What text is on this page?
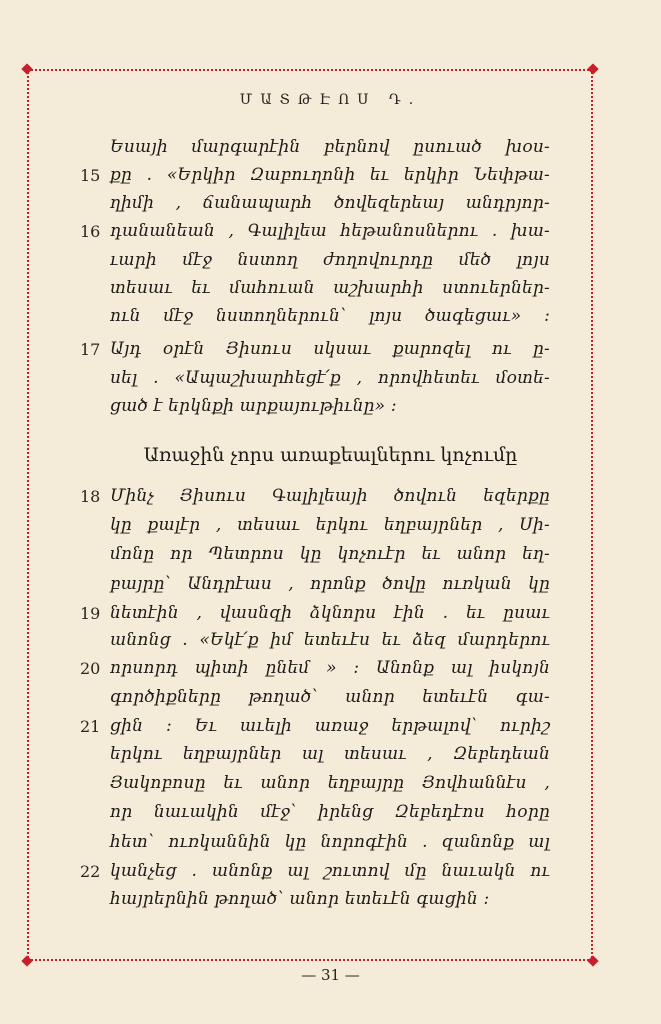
ՄԱՏԹԷՈՍ Դ.
15
16
17
18
19
20
21
22
Եսայի մարգարէին բերնով ըսուած խօս-
քը . «Երկիր Զաբուղոնի եւ երկիր Նեփթա-
ղիմի , ճանապարհ ծովեզերեայ անդրյոր-
դանանեան , Գալիլեա հեթանոսներու . խա-
ւարի մէջ նստող ժողովուրդը մեծ լոյս
տեսաւ եւ մահուան աշխարհի ստուերներ-
ուն մէջ նստողներուն՝ լոյս ծագեցաւ» :
Այդ օրէն Յիսուս սկսաւ քարոզել ու ը-
սել . «Ապաշխարհեցէ՛ք , որովհետեւ մօտե-
ցած է երկնքի արքայութիւնը» :
Առաջին չորս առաքեալներու կոչումը
Մինչ Յիսուս Գալիլեայի ծովուն եզերքը
կը քալէր , տեսաւ երկու եղբայրներ , Սի-
մոնը որ Պետրոս կը կոչուէր եւ անոր եղ-
բայրը՝ Անդրէաս , որոնք ծովը ուռկան կը
նետէին , վասնզի ձկնորս էին . եւ ըսաւ
անոնց . «Եկէ՛ք իմ ետեւէս եւ ձեզ մարդերու
որսորդ պիտի ընեմ » : Անոնք ալ իսկոյն
գործիքները թողած՝ անոր ետեւէն գա-
ցին : Եւ աւելի առաջ երթալով՝ ուրիշ
երկու եղբայրներ ալ տեսաւ , Զեբեդեան
Յակոբոսը եւ անոր եղբայրը Յովհաննէս ,
որ նաւակին մէջ՝ իրենց Զեբեդէոս հօրը
հետ՝ ուռկաննին կը նորոգէին . զանոնք ալ
կանչեց . անոնք ալ շուտով մը նաւակն ու
հայրերնին թողած՝ անոր ետեւէն գացին :
— 31 —
